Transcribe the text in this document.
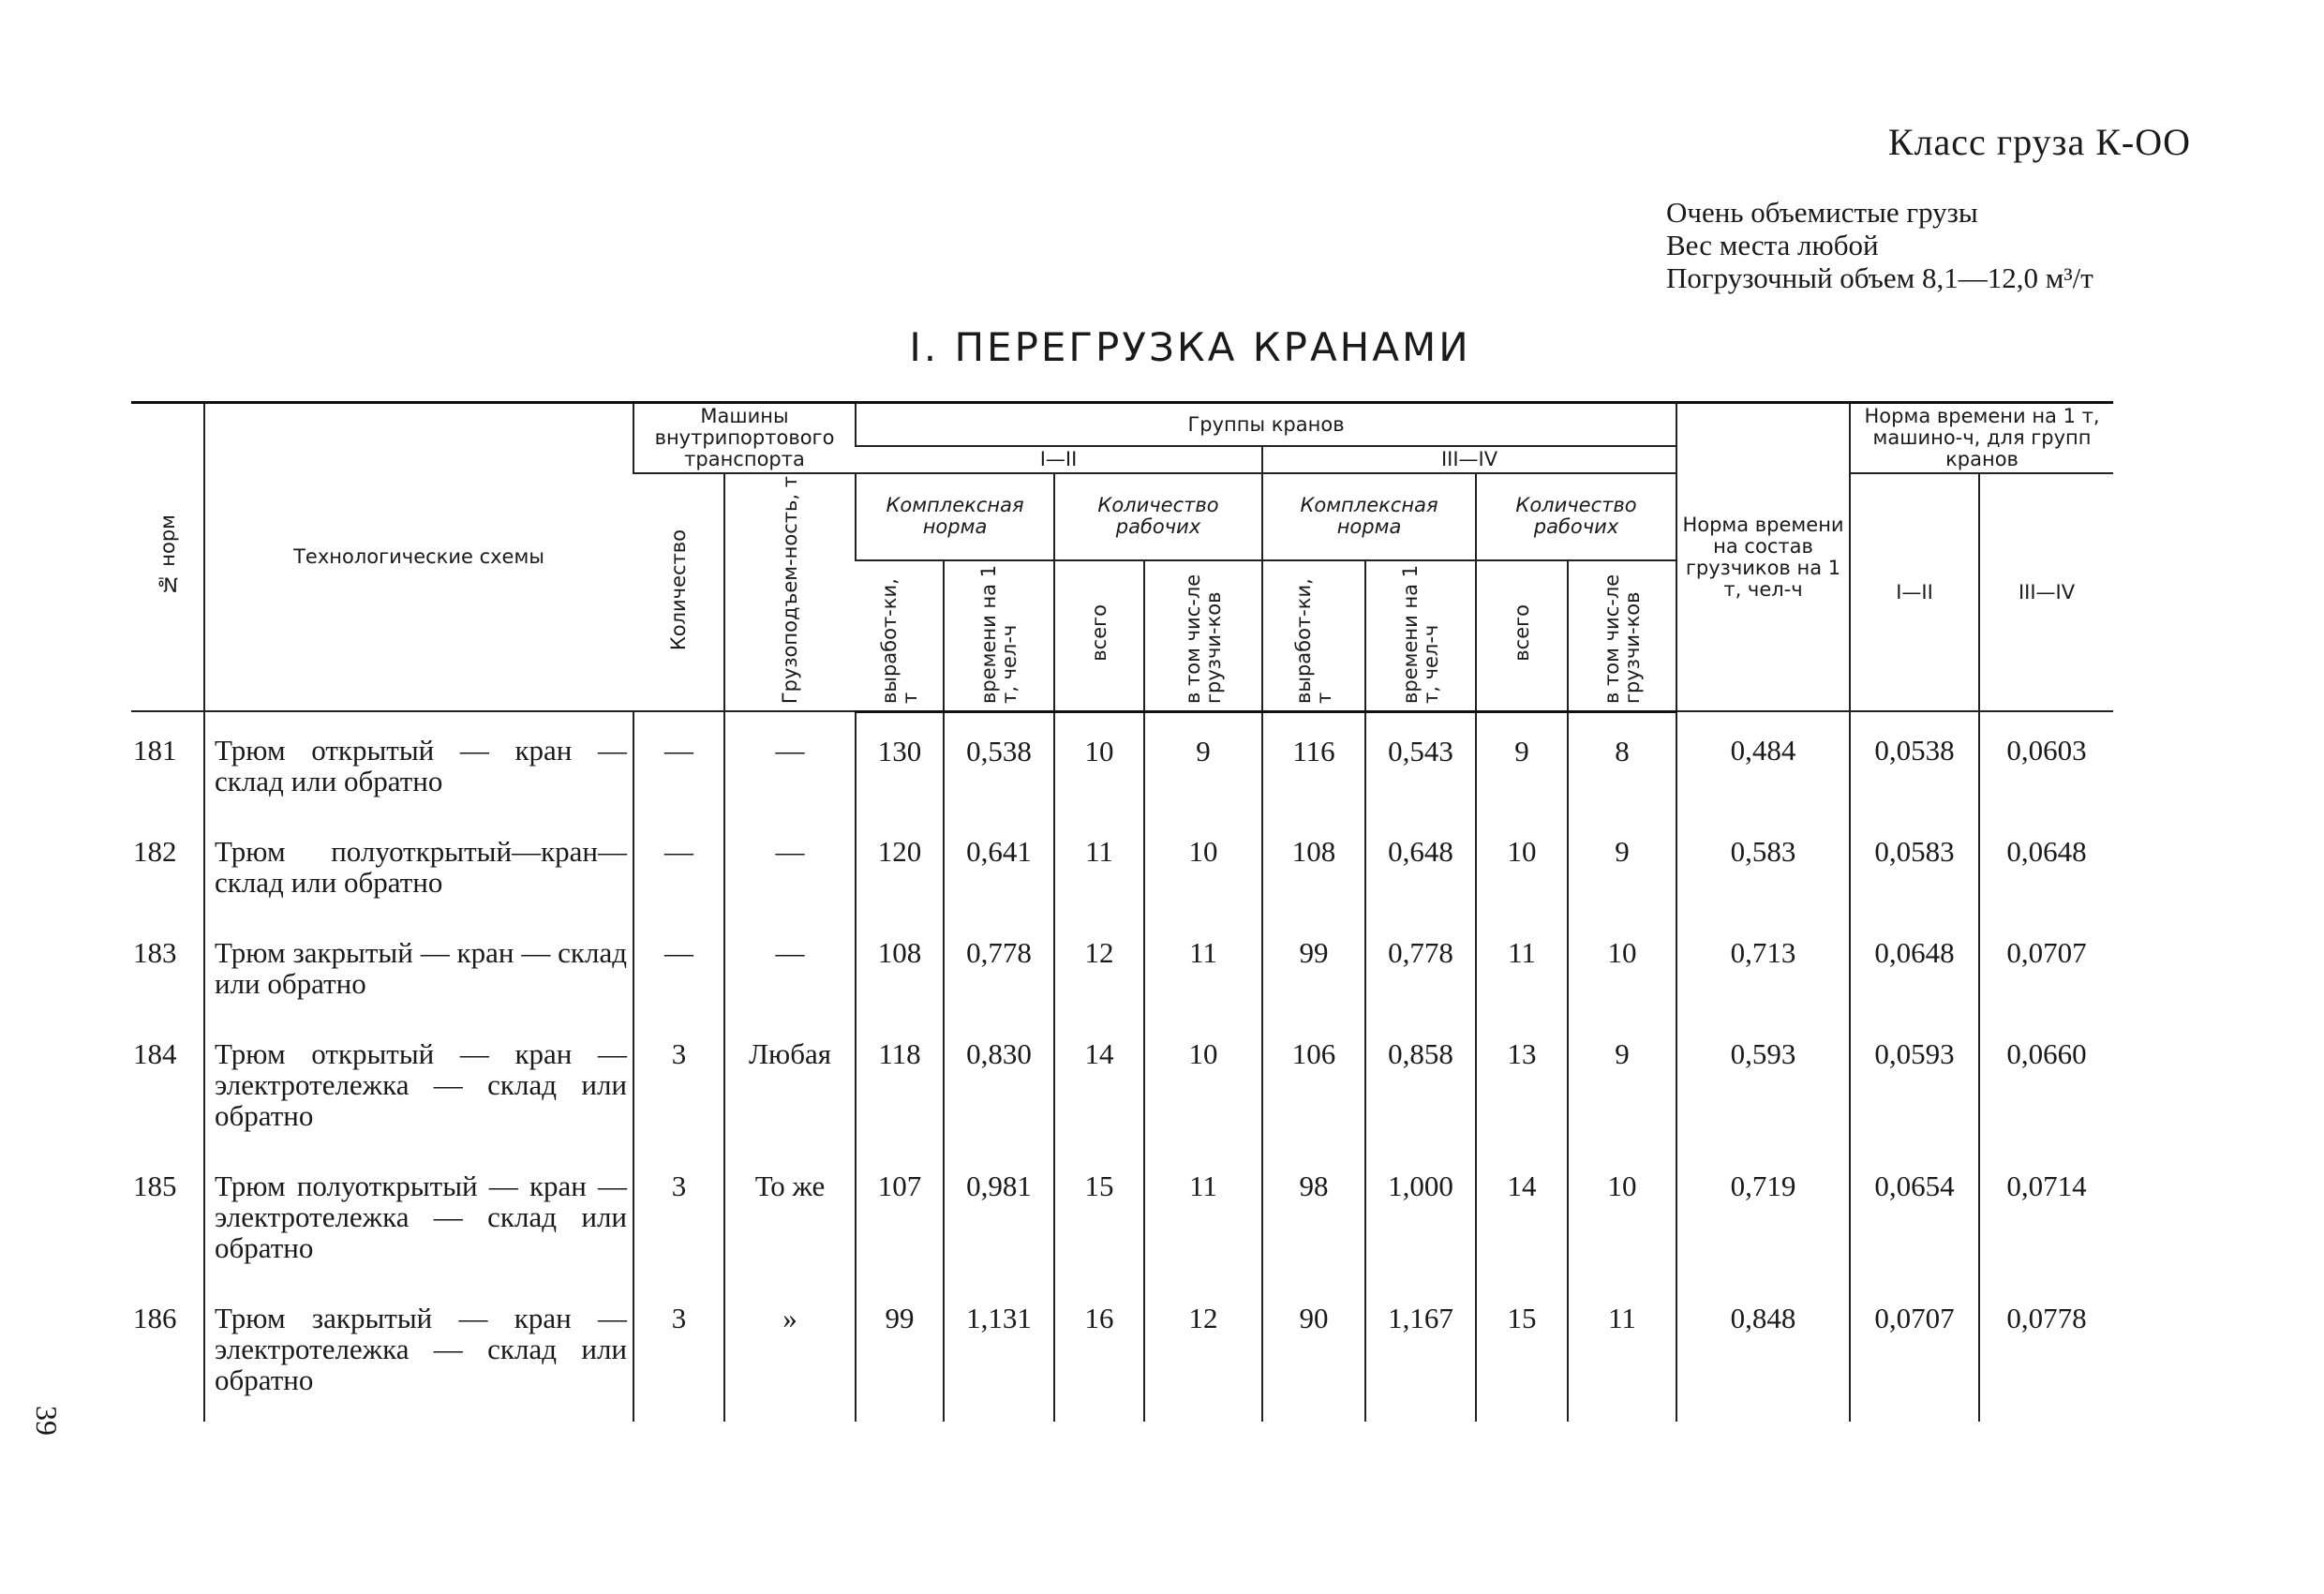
Класс груза К-ОО
Очень объемистые грузы
Вес места любой
Погрузочный объем 8,1—12,0 м³/т
I. ПЕРЕГРУЗКА КРАНАМИ
39
№ норм	Технологические схемы	Машины внутрипортового транспорта		Группы кранов								Норма времени на состав грузчиков на 1 т, чел-ч	Норма времени на 1 т, машино-ч, для групп кранов	
				I—II				III—IV						
		Количество	Грузоподъем-ность, т	Комплексная норма		Количество рабочих		Комплексная норма		Количество рабочих			I—II	III—IV
				выработ-ки, т	времени на 1 т, чел-ч	всего	в том чис-ле грузчи-ков	выработ-ки, т	времени на 1 т, чел-ч	всего	в том чис-ле грузчи-ков			
181	Трюм открытый — кран — склад или обратно	—	—	130	0,538	10	9	116	0,543	9	8	0,484	0,0538	0,0603
182	Трюм полуоткрытый—кран—склад или обратно	—	—	120	0,641	11	10	108	0,648	10	9	0,583	0,0583	0,0648
183	Трюм закрытый — кран — склад или обратно	—	—	108	0,778	12	11	99	0,778	11	10	0,713	0,0648	0,0707
184	Трюм открытый — кран — электротележка — склад или обратно	3	Любая	118	0,830	14	10	106	0,858	13	9	0,593	0,0593	0,0660
185	Трюм полуоткрытый — кран — электротележка — склад или обратно	3	То же	107	0,981	15	11	98	1,000	14	10	0,719	0,0654	0,0714
186	Трюм закрытый — кран — электротележка — склад или обратно	3	»	99	1,131	16	12	90	1,167	15	11	0,848	0,0707	0,0778
